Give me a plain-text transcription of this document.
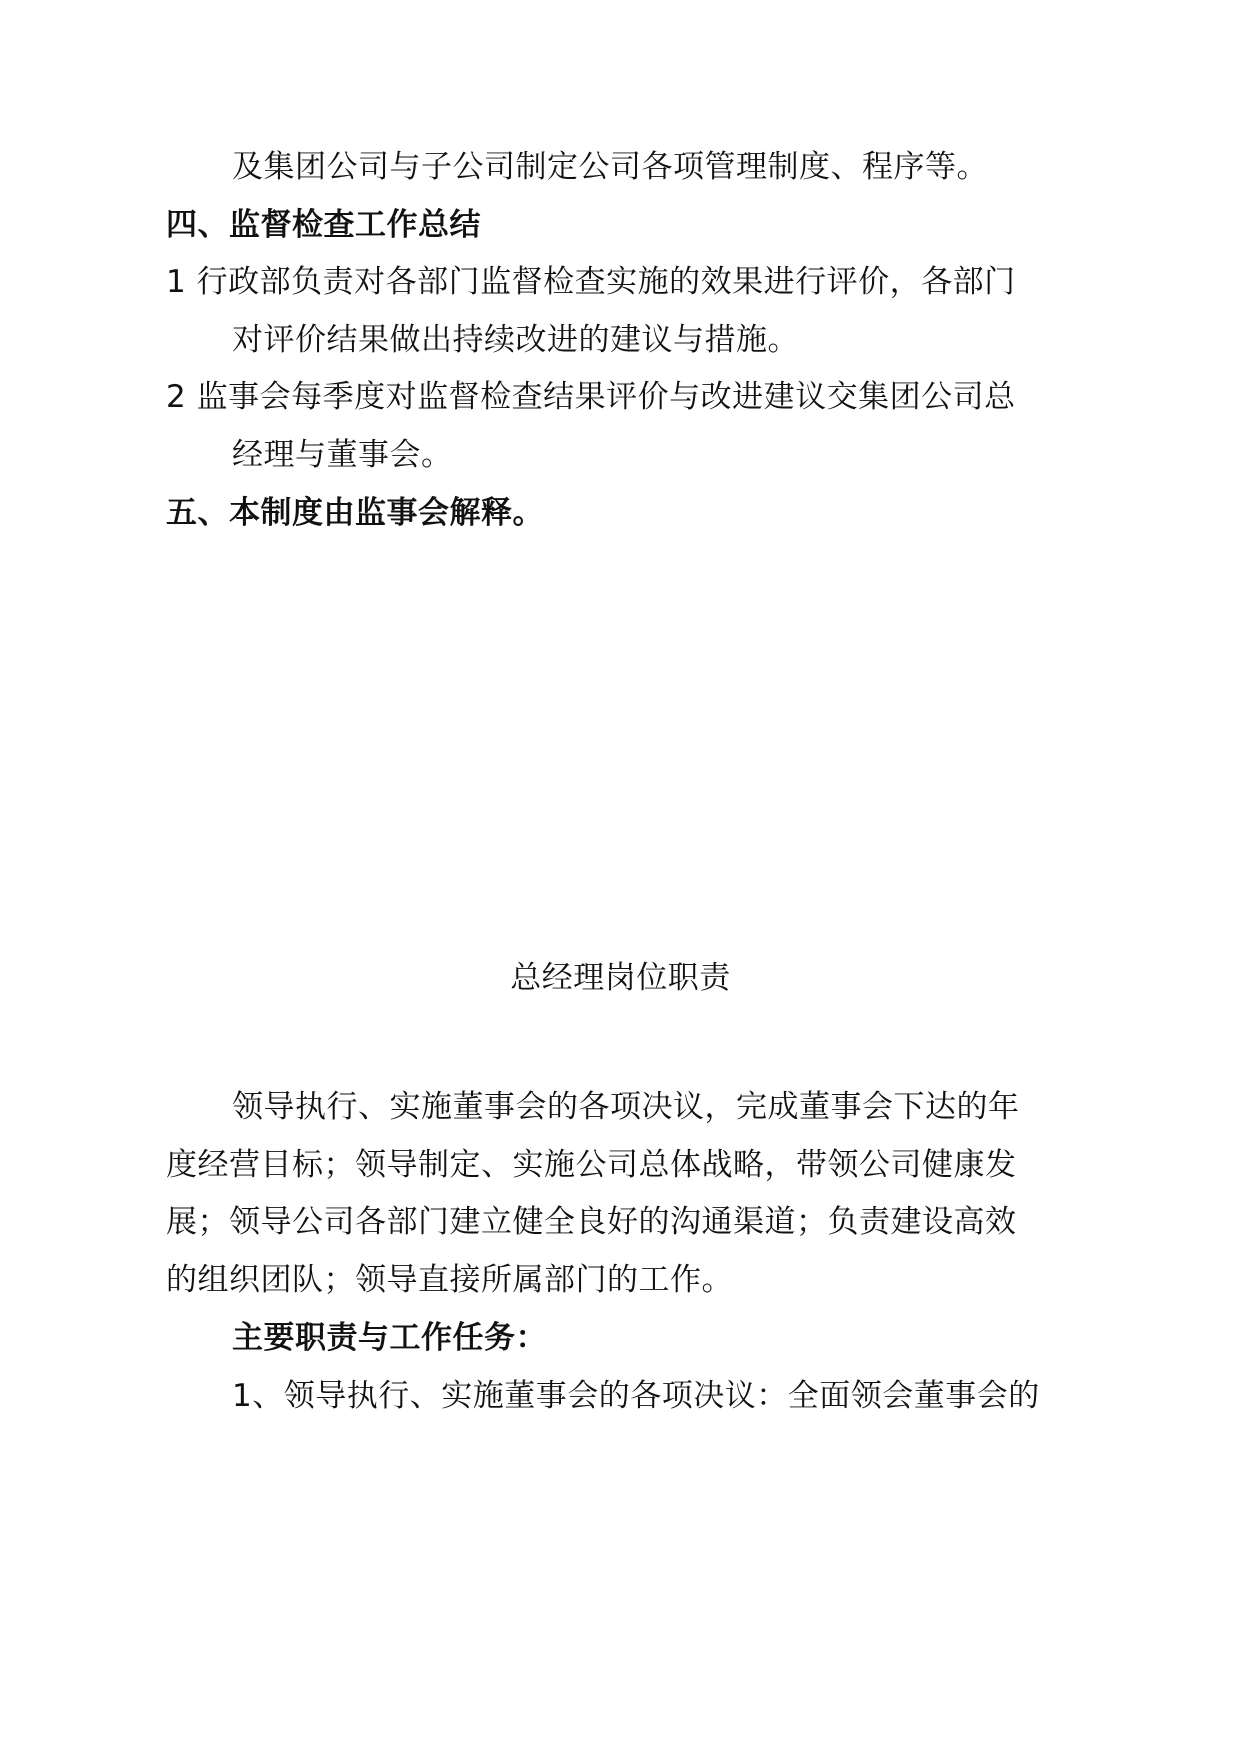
及集团公司与子公司制定公司各项管理制度、程序等。
四、监督检查工作总结
1 行政部负责对各部门监督检查实施的效果进行评价，各部门
对评价结果做出持续改进的建议与措施。
2 监事会每季度对监督检查结果评价与改进建议交集团公司总
经理与董事会。
五、本制度由监事会解释。
总经理岗位职责
领导执行、实施董事会的各项决议，完成董事会下达的年
度经营目标；领导制定、实施公司总体战略，带领公司健康发
展；领导公司各部门建立健全良好的沟通渠道；负责建设高效
的组织团队；领导直接所属部门的工作。
主要职责与工作任务：
1、领导执行、实施董事会的各项决议：全面领会董事会的
